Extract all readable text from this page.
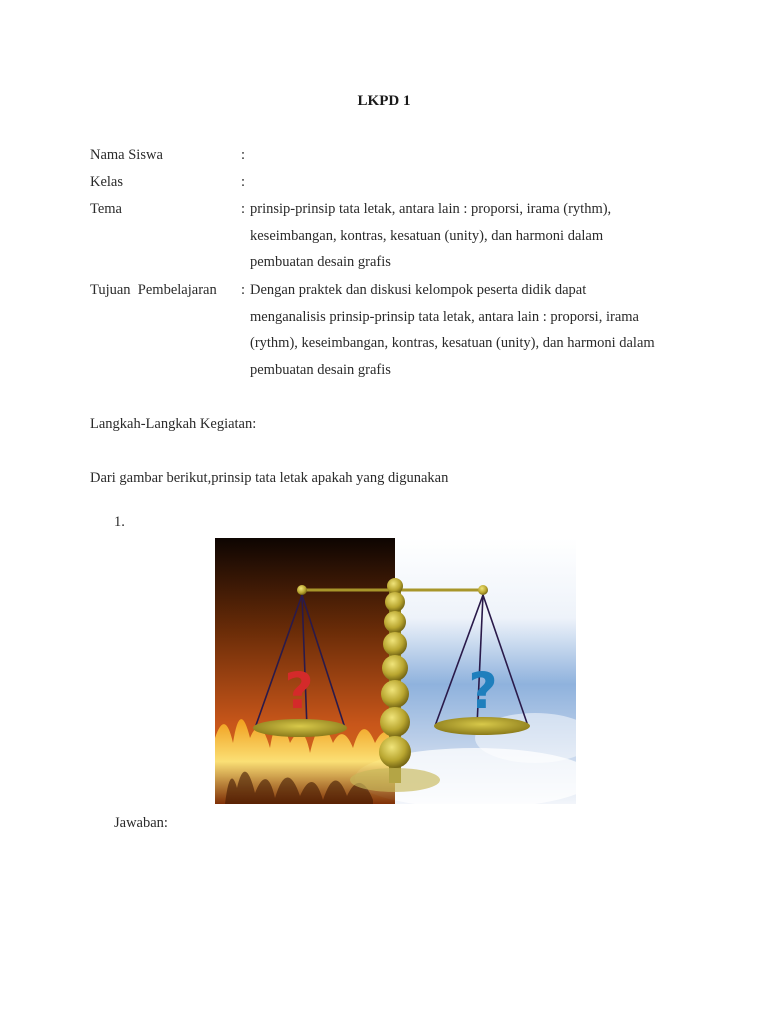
LKPD 1
Nama Siswa	:
Kelas	:
Tema	: prinsip-prinsip tata letak, antara lain : proporsi, irama (rythm),
keseimbangan, kontras, kesatuan (unity), dan harmoni dalam
pembuatan desain grafis
Tujuan  Pembelajaran : Dengan praktek dan diskusi kelompok peserta didik dapat
menganalisis prinsip-prinsip tata letak, antara lain : proporsi, irama
(rythm), keseimbangan, kontras, kesatuan (unity), dan harmoni dalam
pembuatan desain grafis
Langkah-Langkah Kegiatan:
Dari gambar berikut,prinsip tata letak apakah yang digunakan
1.
?	?
Jawaban:
